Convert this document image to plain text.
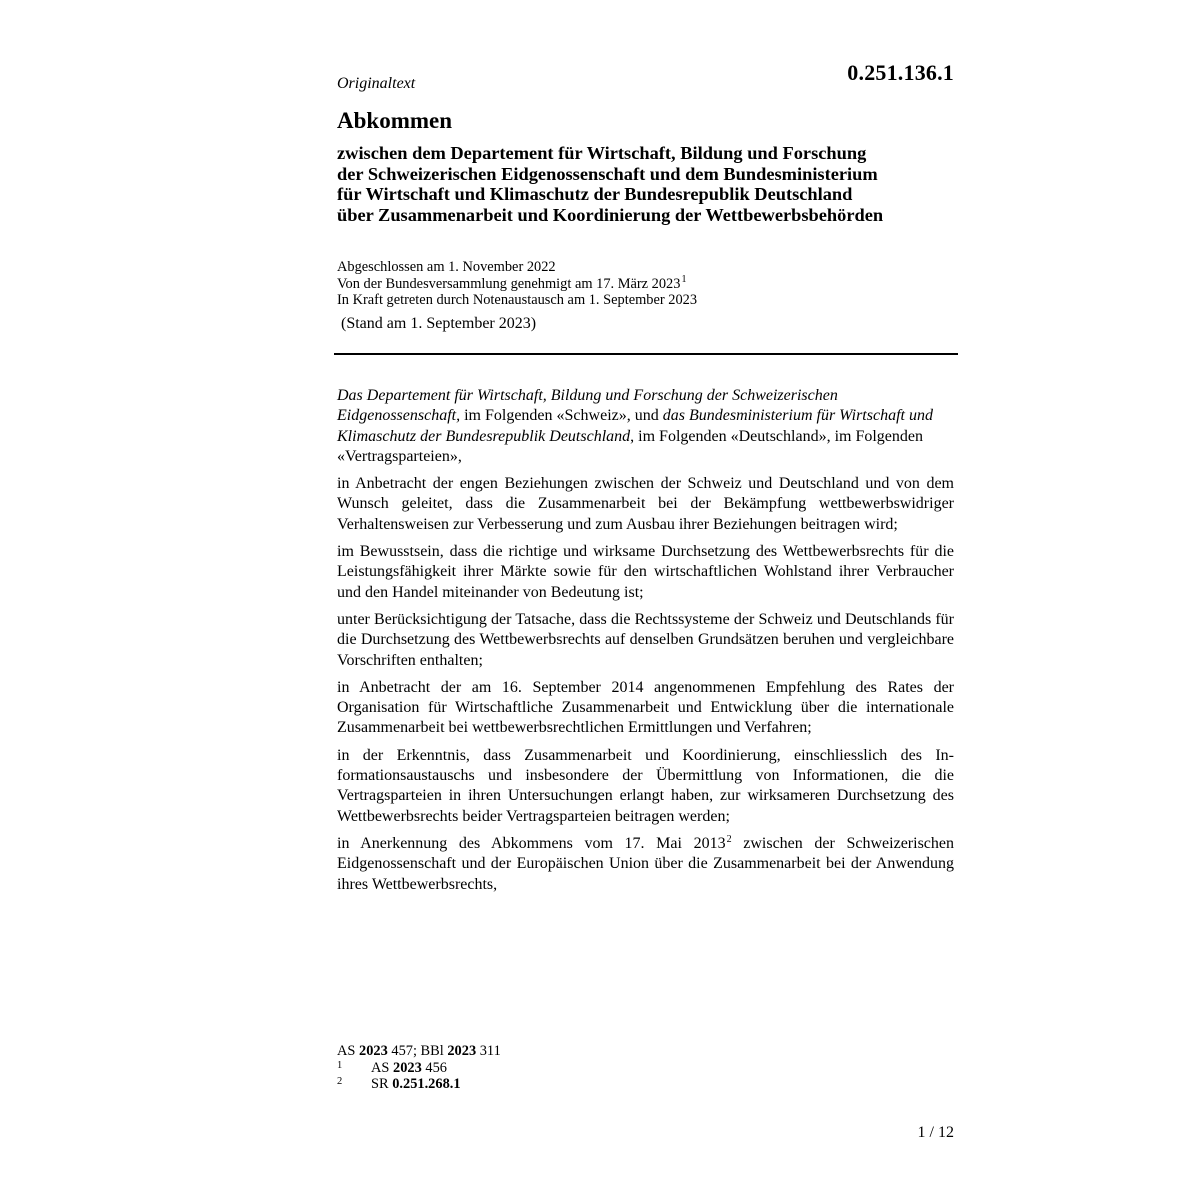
0.251.136.1
Originaltext
Abkommen
zwischen dem Departement für Wirtschaft, Bildung und Forschung
der Schweizerischen Eidgenossenschaft und dem Bundesministerium
für Wirtschaft und Klimaschutz der Bundesrepublik Deutschland
über Zusammenarbeit und Koordinierung der Wettbewerbsbehörden
Abgeschlossen am 1. November 2022
Von der Bundesversammlung genehmigt am 17. März 2023$^1$
In Kraft getreten durch Notenaustausch am 1. September 2023
(Stand am 1. September 2023)

Das Departement für Wirtschaft, Bildung und Forschung der Schweizerischen Eidgenossenschaft, im Folgenden «Schweiz», und das Bundesministerium für Wirtschaft und Klimaschutz der Bundesrepublik Deutschland, im Folgenden «Deutschland», im Folgenden «Vertragsparteien»,

in Anbetracht der engen Beziehungen zwischen der Schweiz und Deutschland und von dem Wunsch geleitet, dass die Zusammenarbeit bei der Bekämpfung wettbewerbswidriger Verhaltensweisen zur Verbesserung und zum Ausbau ihrer Beziehungen beitragen wird;

im Bewusstsein, dass die richtige und wirksame Durchsetzung des Wettbewerbsrechts für die Leistungsfähigkeit ihrer Märkte sowie für den wirtschaftlichen Wohlstand ihrer Verbraucher und den Handel miteinander von Bedeutung ist;

unter Berücksichtigung der Tatsache, dass die Rechtssysteme der Schweiz und Deutschlands für die Durchsetzung des Wettbewerbsrechts auf denselben Grundsätzen beruhen und vergleichbare Vorschriften enthalten;

in Anbetracht der am 16. September 2014 angenommenen Empfehlung des Rates der Organisation für Wirtschaftliche Zusammenarbeit und Entwicklung über die internationale Zusammenarbeit bei wettbewerbsrechtlichen Ermittlungen und Verfahren;

in der Erkenntnis, dass Zusammenarbeit und Koordinierung, einschliesslich des Informationsaustauschs und insbesondere der Übermittlung von Informationen, die die Vertragsparteien in ihren Untersuchungen erlangt haben, zur wirksameren Durchsetzung des Wettbewerbsrechts beider Vertragsparteien beitragen werden;

in Anerkennung des Abkommens vom 17. Mai 2013$^2$ zwischen der Schweizerischen Eidgenossenschaft und der Europäischen Union über die Zusammenarbeit bei der Anwendung ihres Wettbewerbsrechts,

AS 2023 457; BBl 2023 311
1 AS 2023 456
2 SR 0.251.268.1
1 / 12
